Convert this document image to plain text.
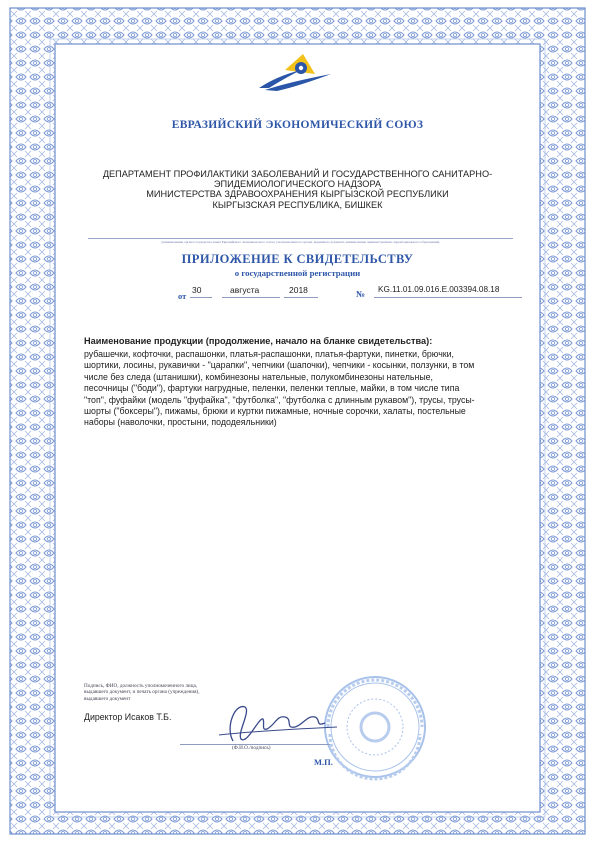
ЕВРАЗИЙСКИЙ ЭКОНОМИЧЕСКИЙ СОЮЗ
ДЕПАРТАМЕНТ ПРОФИЛАКТИКИ ЗАБОЛЕВАНИЙ И ГОСУДАРСТВЕННОГО САНИТАРНО-
ЭПИДЕМИОЛОГИЧЕСКОГО НАДЗОРА
МИНИСТЕРСТВА ЗДРАВООХРАНЕНИЯ КЫРГЫЗСКОЙ РЕСПУБЛИКИ
КЫРГЫЗСКАЯ РЕСПУБЛИКА, БИШКЕК
(наименование органа государства-члена Евразийского экономического союза, уполномоченного органа, выдавшего документ, наименование административно-территориального образования)
ПРИЛОЖЕНИЕ К СВИДЕТЕЛЬСТВУ
о государственной регистрации
от
30	августа	2018	№ KG.11.01.09.016.Е.003394.08.18
Наименование продукции (продолжение, начало на бланке свидетельства):
рубашечки, кофточки, распашонки, платья-распашонки, платья-фартуки, пинетки, брючки,
шортики, лосины, рукавички - "царапки", чепчики (шапочки), чепчики - косынки, ползунки, в том
числе без следа (штанишки), комбинезоны нательные, полукомбинезоны нательные,
песочницы ("боди"), фартуки нагрудные, пеленки, пеленки теплые, майки, в том числе типа
"топ", фуфайки (модель "фуфайка", "футболка", "футболка с длинным рукавом"), трусы, трусы-
шорты ("боксеры"), пижамы, брюки и куртки пижамные, ночные сорочки, халаты, постельные
наборы (наволочки, простыни, пододеяльники)
Подпись, ФИО, должность уполномоченного лица,
выдавшего документ, и печать органа (учреждения),
выдавшего документ
Директор Исаков Т.Б.
(Ф.И.О./подпись)
М.П.
